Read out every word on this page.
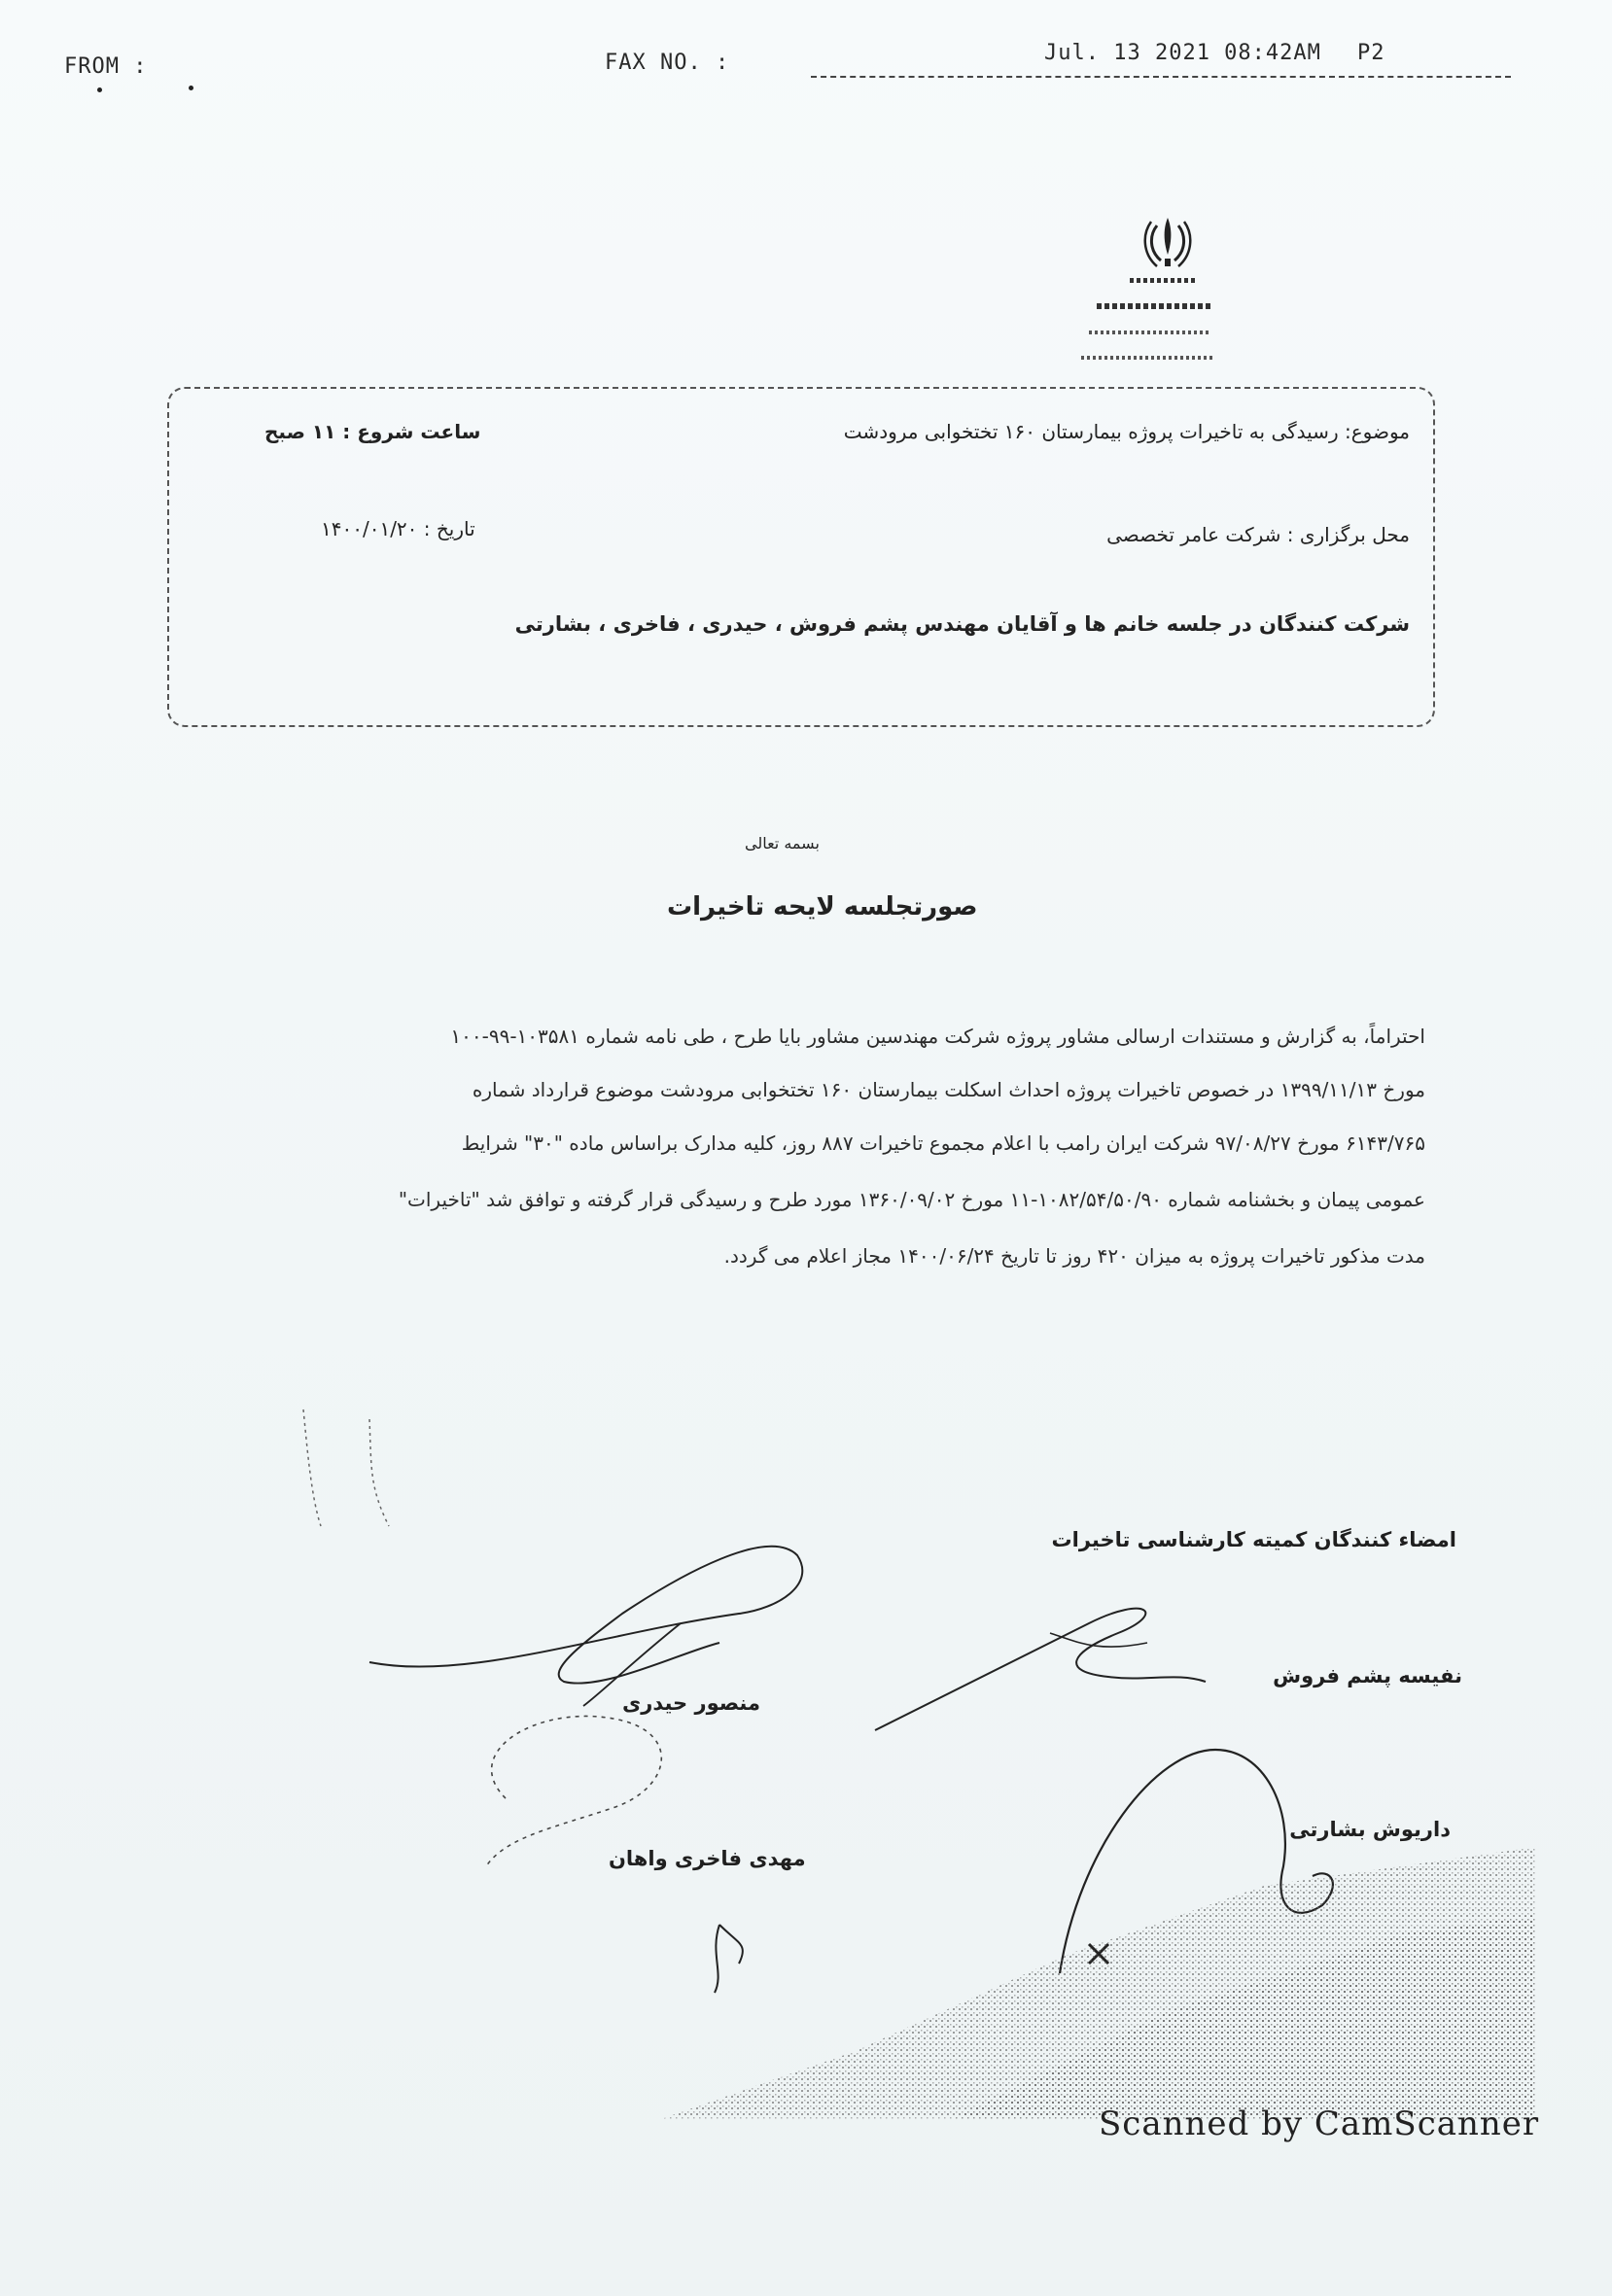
FROM :	FAX NO. :	Jul. 13 2021 08:42AM P2
موضوع: رسیدگی به تاخیرات پروژه بیمارستان ۱۶۰ تختخوابی مرودشت
ساعت شروع : ۱۱ صبح
محل برگزاری : شرکت عامر تخصصی
تاریخ : ۱۴۰۰/۰۱/۲۰
شرکت کنندگان در جلسه خانم ها و آقایان مهندس پشم فروش ، حیدری ، فاخری ، بشارتی
بسمه تعالی
صورتجلسه لایحه تاخیرات
احتراماً، به گزارش و مستندات ارسالی مشاور پروژه شرکت مهندسین مشاور بایا طرح ، طی نامه شماره ۱۰۳۵۸۱-۹۹-۱۰۰
مورخ ۱۳۹۹/۱۱/۱۳ در خصوص تاخیرات پروژه احداث اسکلت بیمارستان ۱۶۰ تختخوابی مرودشت موضوع قرارداد شماره
۶۱۴۳/۷۶۵ مورخ ۹۷/۰۸/۲۷ شرکت ایران رامب با اعلام مجموع تاخیرات ۸۸۷ روز، کلیه مدارک براساس ماده "۳۰" شرایط
عمومی پیمان و بخشنامه شماره ۱۰۸۲/۵۴/۵۰/۹۰-۱۱ مورخ ۱۳۶۰/۰۹/۰۲ مورد طرح و رسیدگی قرار گرفته و توافق شد "تاخیرات"
مدت مذکور تاخیرات پروژه به میزان ۴۲۰ روز تا تاریخ ۱۴۰۰/۰۶/۲۴ مجاز اعلام می گردد.
امضاء کنندگان کمیته کارشناسی تاخیرات
نفیسه پشم فروش
منصور حیدری
داریوش بشارتی
مهدی فاخری واهان
Scanned by CamScanner
